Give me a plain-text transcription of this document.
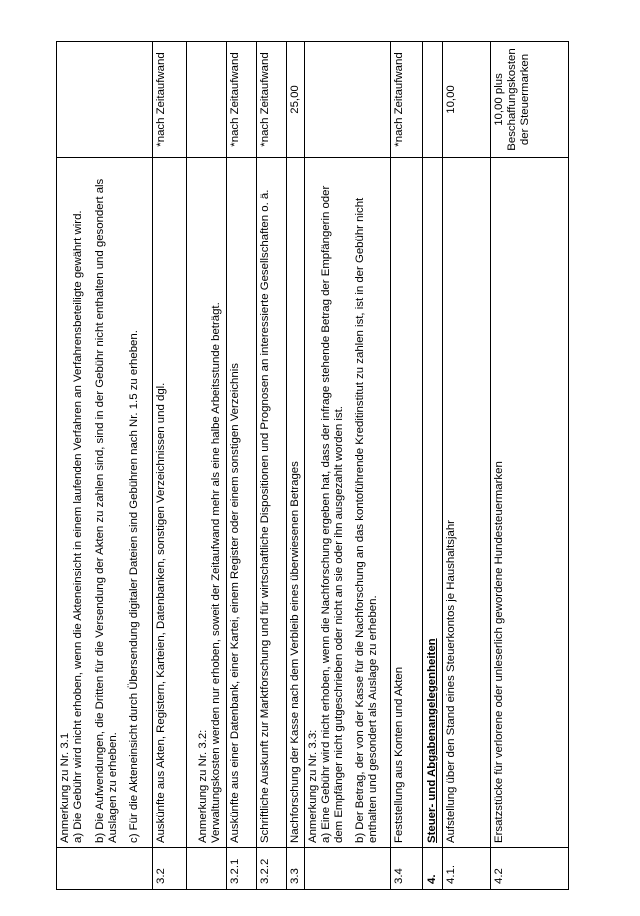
	Anmerkung zu Nr. 3.1
a) Die Gebühr wird nicht erhoben, wenn die Akteneinsicht in einem laufenden Verfahren an Verfahrensbeteiligte gewährt wird. b) Die Aufwendungen, die Dritten für die Versendung der Akten zu zahlen sind, sind in der Gebühr nicht enthalten und gesondert als Auslagen zu erheben. c) Für die Akteneinsicht durch Übersendung digitaler Dateien sind Gebühren nach Nr. 1.5 zu erheben.	

3.2	Auskünfte aus Akten, Registern, Karteien, Datenbanken, sonstigen Verzeichnissen und dgl.	*nach Zeitaufwand

Anmerkung zu Nr. 3.2:
Verwaltungskosten werden nur erhoben, soweit der Zeitaufwand mehr als eine halbe Arbeitsstunde beträgt.	
3.2.1	Auskünfte aus einer Datenbank, einer Kartei, einem Register oder einem sonstigen Verzeichnis	*nach Zeitaufwand
3.2.2	Schriftliche Auskunft zur Marktforschung und für wirtschaftliche Dispositionen und Prognosen an interessierte Gesellschaften o. ä.	*nach Zeitaufwand
3.3	Nachforschung der Kasse nach dem Verbleib eines überwiesenen Betrages	25,00

	Anmerkung zu Nr. 3.3:
a) Eine Gebühr wird nicht erhoben, wenn die Nachforschung ergeben hat, dass der infrage stehende Betrag der Empfängerin oder dem Empfänger nicht gutgeschrieben oder nicht an sie oder ihn ausgezahlt worden ist. b) Der Betrag, der von der Kasse für die Nachforschung an das kontoführende Kreditinstitut zu zahlen ist, ist in der Gebühr nicht enthalten und gesondert als Auslage zu erheben.	

3.4	Feststellung aus Konten und Akten	*nach Zeitaufwand
4.	Steuer- und Abgabenangelegenheiten	
4.1.	Aufstellung über den Stand eines Steuerkontos je Haushaltsjahr	10,00
4.2	Ersatzstücke für verlorene oder unleserlich gewordene Hundesteuermarken	10,00 plus Beschaffungskosten der Steuermarken
